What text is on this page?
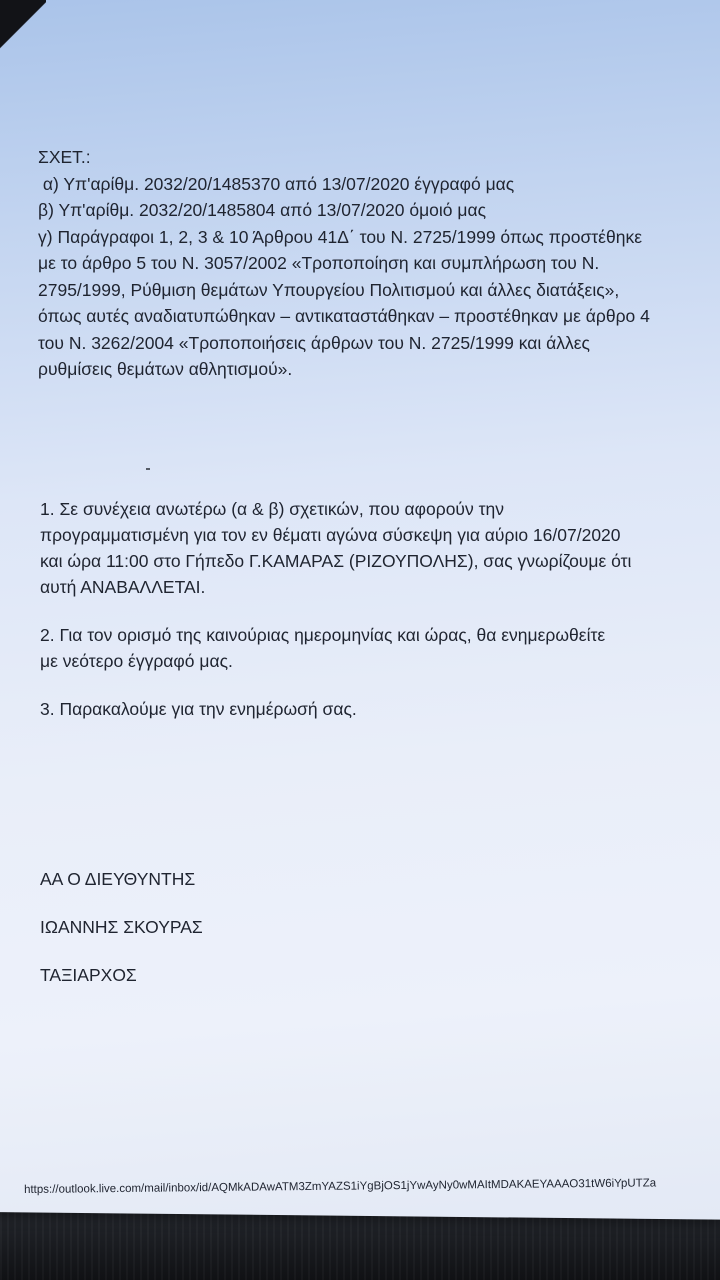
ΣΧΕΤ.:
α) Υπ'αρίθμ. 2032/20/1485370 από 13/07/2020 έγγραφό μας
β) Υπ'αρίθμ. 2032/20/1485804 από 13/07/2020 όμοιό μας
γ) Παράγραφοι 1, 2, 3 & 10 Άρθρου 41Δ΄ του Ν. 2725/1999 όπως προστέθηκε
με το άρθρο 5 του Ν. 3057/2002 «Τροποποίηση και συμπλήρωση του Ν.
2795/1999, Ρύθμιση θεμάτων Υπουργείου Πολιτισμού και άλλες διατάξεις»,
όπως αυτές αναδιατυπώθηκαν – αντικαταστάθηκαν – προστέθηκαν με άρθρο 4
του Ν. 3262/2004 «Τροποποιήσεις άρθρων του Ν. 2725/1999 και άλλες
ρυθμίσεις θεμάτων αθλητισμού».
1. Σε συνέχεια ανωτέρω (α & β) σχετικών, που αφορούν την
προγραμματισμένη για τον εν θέματι αγώνα σύσκεψη για αύριο 16/07/2020
και ώρα 11:00 στο Γήπεδο Γ.ΚΑΜΑΡΑΣ (ΡΙΖΟΥΠΟΛΗΣ), σας γνωρίζουμε ότι
αυτή ΑΝΑΒΑΛΛΕΤΑΙ.
2. Για τον ορισμό της καινούριας ημερομηνίας και ώρας, θα ενημερωθείτε
με νεότερο έγγραφό μας.
3. Παρακαλούμε για την ενημέρωσή σας.
ΑΑ Ο ΔΙΕΥΘΥΝΤΗΣ
ΙΩΑΝΝΗΣ ΣΚΟΥΡΑΣ
ΤΑΞΙΑΡΧΟΣ
https://outlook.live.com/mail/inbox/id/AQMkADAwATM3ZmYAZS1iYgBjOS1jYwAyNy0wMAItMDAKAEYAAAO31tW6iYpUTZa
